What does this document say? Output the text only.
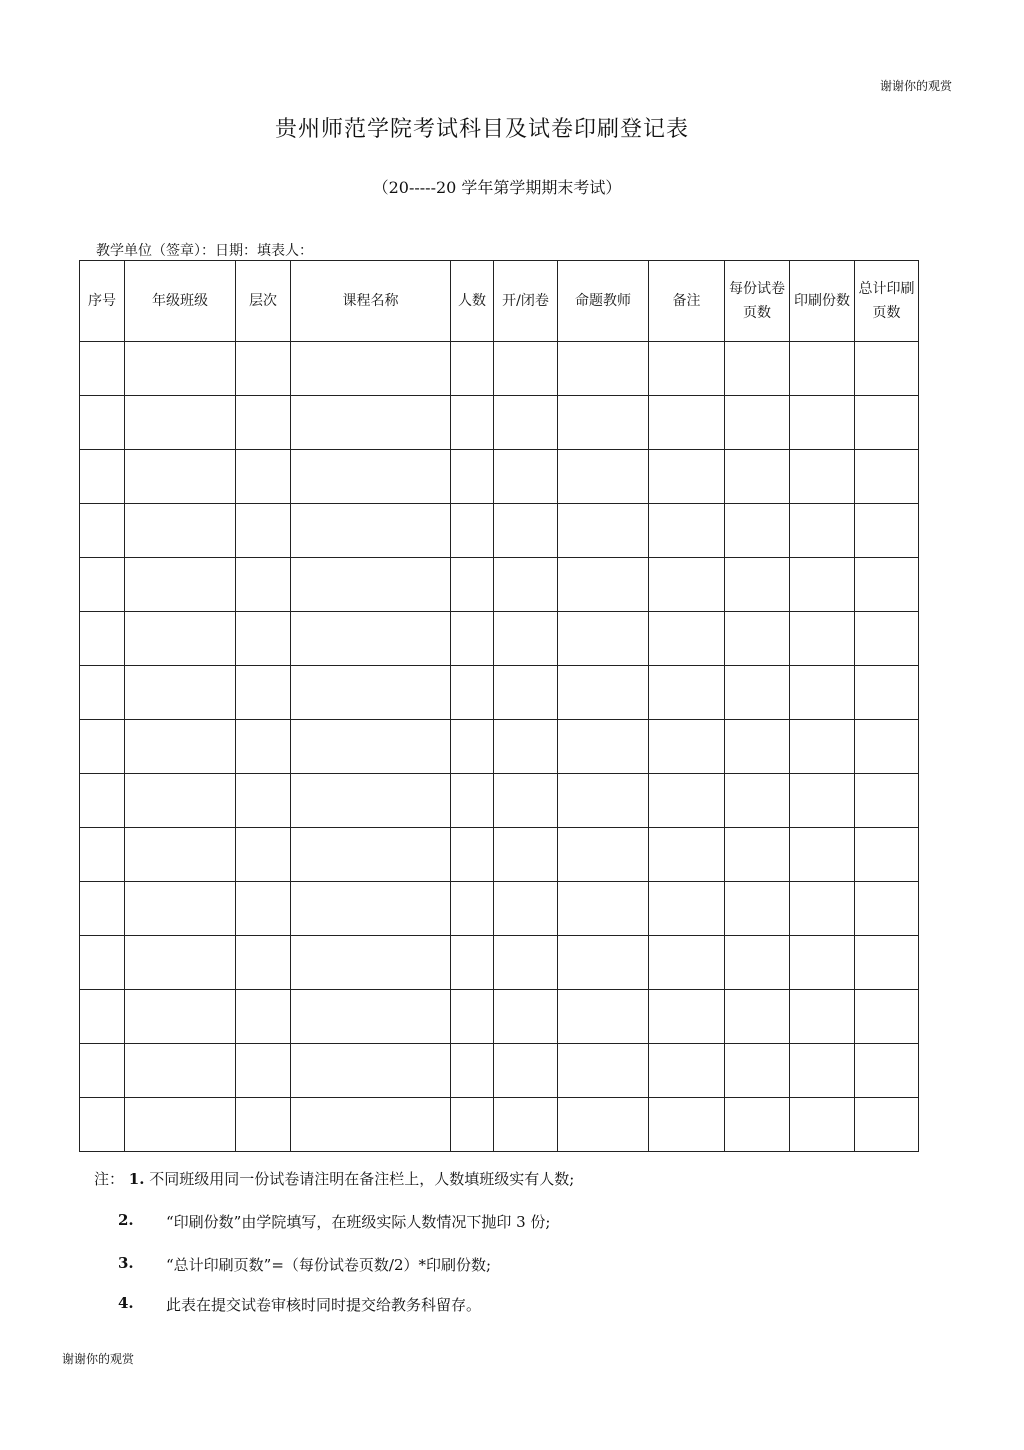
谢谢你的观赏
贵州师范学院考试科目及试卷印刷登记表
（20-----20 学年第学期期末考试）
教学单位（签章）：日期：填表人：
序号	年级班级	层次	课程名称	人数	开/闭卷	命题教师	备注	每份试卷页数	印刷份数	总计印刷页数

注： 1. 不同班级用同一份试卷请注明在备注栏上，人数填班级实有人数;
2. “印刷份数”由学院填写，在班级实际人数情况下抛印 3 份;
3. “总计印刷页数”=（每份试卷页数/2）*印刷份数;
4. 此表在提交试卷审核时同时提交给教务科留存。
谢谢你的观赏
